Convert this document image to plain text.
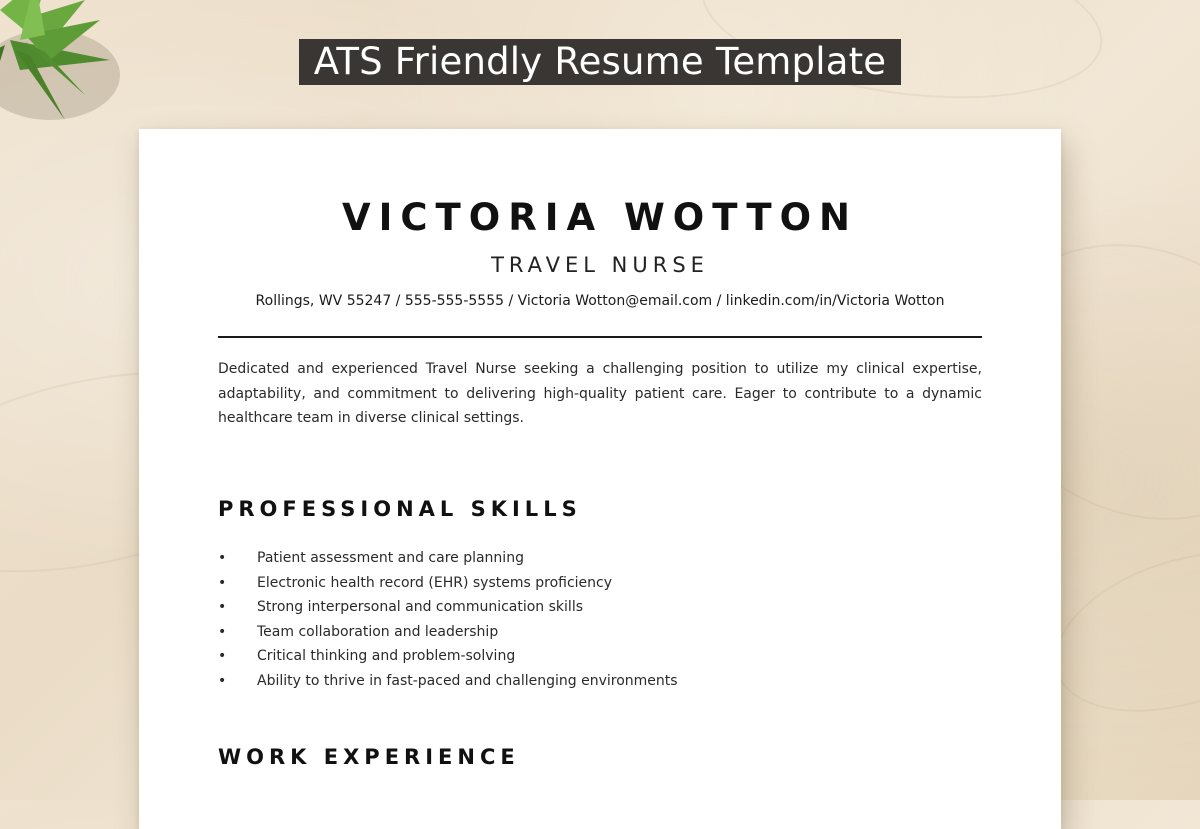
ATS Friendly Resume Template
VICTORIA WOTTON
TRAVEL NURSE
Rollings, WV 55247 / 555-555-5555 / Victoria Wotton@email.com / linkedin.com/in/Victoria Wotton

Dedicated and experienced Travel Nurse seeking a challenging position to utilize my clinical expertise, adaptability, and commitment to delivering high-quality patient care. Eager to contribute to a dynamic healthcare team in diverse clinical settings.

PROFESSIONAL SKILLS
• Patient assessment and care planning
• Electronic health record (EHR) systems proficiency
• Strong interpersonal and communication skills
• Team collaboration and leadership
• Critical thinking and problem-solving
• Ability to thrive in fast-paced and challenging environments
WORK EXPERIENCE
